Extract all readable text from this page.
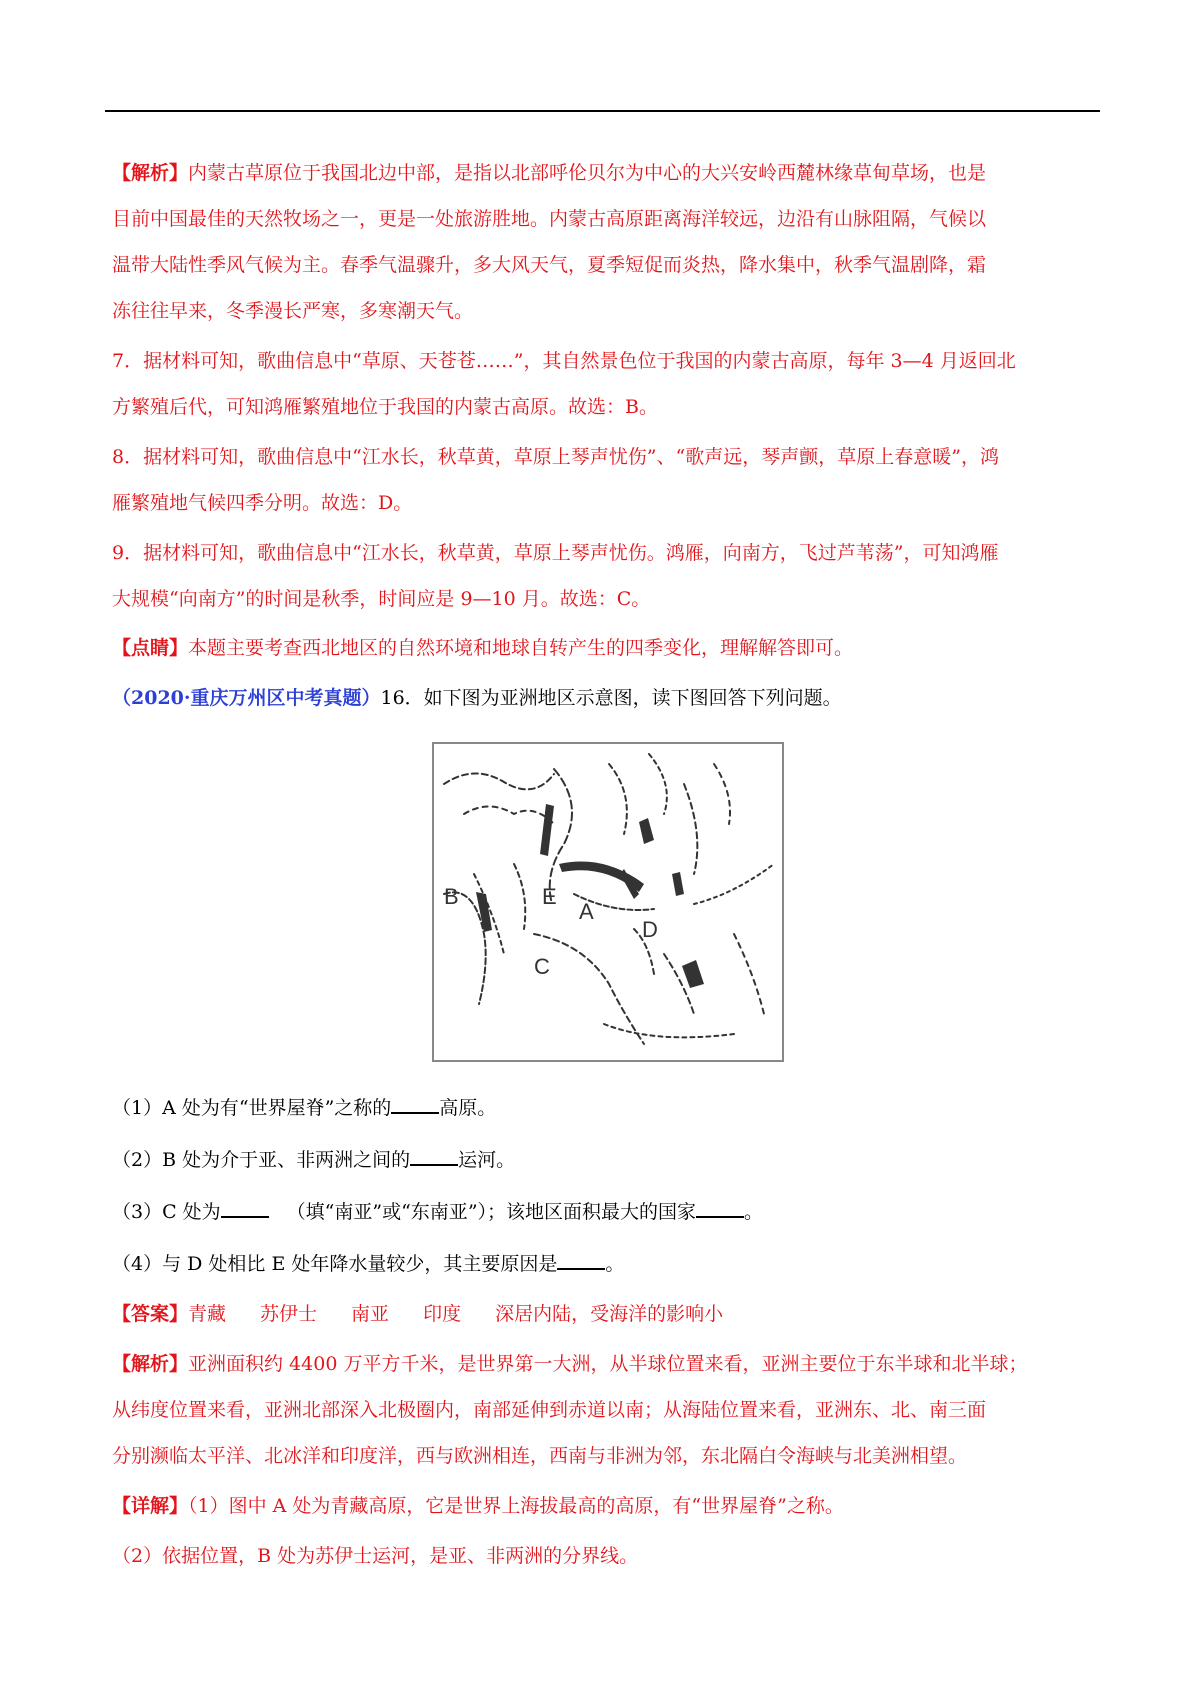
【解析】内蒙古草原位于我国北边中部，是指以北部呼伦贝尔为中心的大兴安岭西麓林缘草甸草场，也是

目前中国最佳的天然牧场之一，更是一处旅游胜地。内蒙古高原距离海洋较远，边沿有山脉阻隔，气候以

温带大陆性季风气候为主。春季气温骤升，多大风天气，夏季短促而炎热，降水集中，秋季气温剧降，霜

冻往往早来，冬季漫长严寒，多寒潮天气。

7．据材料可知，歌曲信息中“草原、天苍苍……”，其自然景色位于我国的内蒙古高原，每年 3—4 月返回北

方繁殖后代，可知鸿雁繁殖地位于我国的内蒙古高原。故选：B。

8．据材料可知，歌曲信息中“江水长，秋草黄，草原上琴声忧伤”、“歌声远，琴声颤，草原上春意暖”，鸿

雁繁殖地气候四季分明。故选：D。

9．据材料可知，歌曲信息中“江水长，秋草黄，草原上琴声忧伤。鸿雁，向南方，飞过芦苇荡”，可知鸿雁

大规模“向南方”的时间是秋季，时间应是 9—10 月。故选：C。

【点睛】本题主要考查西北地区的自然环境和地球自转产生的四季变化，理解解答即可。

（2020·重庆万州区中考真题）16．如下图为亚洲地区示意图，读下图回答下列问题。

B	E
A
D
C

（1）A 处为有“世界屋脊”之称的	高原。

（2）B 处为介于亚、非两洲之间的	运河。

（3）C 处为	（填“南亚”或“东南亚”）；该地区面积最大的国家	。

（4）与 D 处相比 E 处年降水量较少，其主要原因是	。

【答案】青藏 苏伊士 南亚 印度 深居内陆，受海洋的影响小

【解析】亚洲面积约 4400 万平方千米，是世界第一大洲，从半球位置来看，亚洲主要位于东半球和北半球；

从纬度位置来看，亚洲北部深入北极圈内，南部延伸到赤道以南；从海陆位置来看，亚洲东、北、南三面

分别濒临太平洋、北冰洋和印度洋，西与欧洲相连，西南与非洲为邻，东北隔白令海峡与北美洲相望。

【详解】（1）图中 A 处为青藏高原，它是世界上海拔最高的高原，有“世界屋脊”之称。

（2）依据位置，B 处为苏伊士运河，是亚、非两洲的分界线。
